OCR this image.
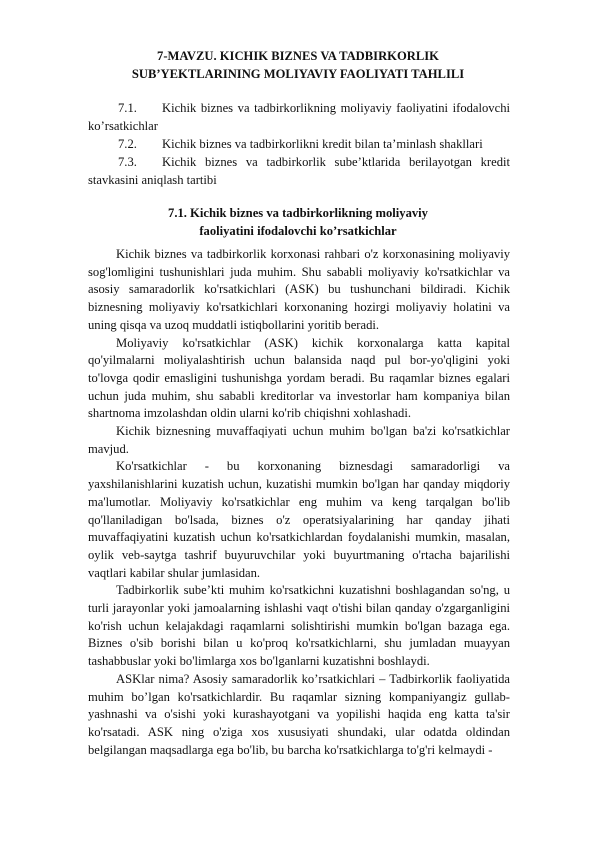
7-MAVZU. KICHIK BIZNES VA TADBIRKORLIK
SUB’YEKTLARINING MOLIYAVIY FAOLIYATI TAHLILI
7.1. Kichik biznes va tadbirkorlikning moliyaviy faoliyatini ifodalovchi ko’rsatkichlar
7.2. Kichik biznes va tadbirkorlikni kredit bilan ta’minlash shakllari
7.3. Kichik biznes va tadbirkorlik sube’ktlarida berilayotgan kredit stavkasini aniqlash tartibi
7.1. Kichik biznes va tadbirkorlikning moliyaviy
faoliyatini ifodalovchi ko’rsatkichlar

Kichik biznes va tadbirkorlik korxonasi rahbari o'z korxonasining moliyaviy sog'lomligini tushunishlari juda muhim. Shu sababli moliyaviy ko'rsatkichlar va asosiy samaradorlik ko'rsatkichlari (ASK) bu tushunchani bildiradi. Kichik biznesning moliyaviy ko'rsatkichlari korxonaning hozirgi moliyaviy holatini va uning qisqa va uzoq muddatli istiqbollarini yoritib beradi.

Moliyaviy ko'rsatkichlar (ASK) kichik korxonalarga katta kapital qo'yilmalarni moliyalashtirish uchun balansida naqd pul bor-yo'qligini yoki to'lovga qodir emasligini tushunishga yordam beradi. Bu raqamlar biznes egalari uchun juda muhim, shu sababli kreditorlar va investorlar ham kompaniya bilan shartnoma imzolashdan oldin ularni ko'rib chiqishni xohlashadi.

Kichik biznesning muvaffaqiyati uchun muhim bo'lgan ba'zi ko'rsatkichlar mavjud.

Ko'rsatkichlar - bu korxonaning biznesdagi samaradorligi va yaxshilanishlarini kuzatish uchun, kuzatishi mumkin bo'lgan har qanday miqdoriy ma'lumotlar. Moliyaviy ko'rsatkichlar eng muhim va keng tarqalgan bo'lib qo'llaniladigan bo'lsada, biznes o'z operatsiyalarining har qanday jihati muvaffaqiyatini kuzatish uchun ko'rsatkichlardan foydalanishi mumkin, masalan, oylik veb-saytga tashrif buyuruvchilar yoki buyurtmaning o'rtacha bajarilishi vaqtlari kabilar shular jumlasidan.

Tadbirkorlik sube’kti muhim ko'rsatkichni kuzatishni boshlagandan so'ng, u turli jarayonlar yoki jamoalarning ishlashi vaqt o'tishi bilan qanday o'zgarganligini ko'rish uchun kelajakdagi raqamlarni solishtirishi mumkin bo'lgan bazaga ega. Biznes o'sib borishi bilan u ko'proq ko'rsatkichlarni, shu jumladan muayyan tashabbuslar yoki bo'limlarga xos bo'lganlarni kuzatishni boshlaydi.

ASKlar nima? Asosiy samaradorlik ko’rsatkichlari – Tadbirkorlik faoliyatida muhim bo’lgan ko'rsatkichlardir. Bu raqamlar sizning kompaniyangiz gullab-yashnashi va o'sishi yoki kurashayotgani va yopilishi haqida eng katta ta'sir ko'rsatadi. ASK ning o'ziga xos xususiyati shundaki, ular odatda oldindan belgilangan maqsadlarga ega bo'lib, bu barcha ko'rsatkichlarga to'g'ri kelmaydi -
